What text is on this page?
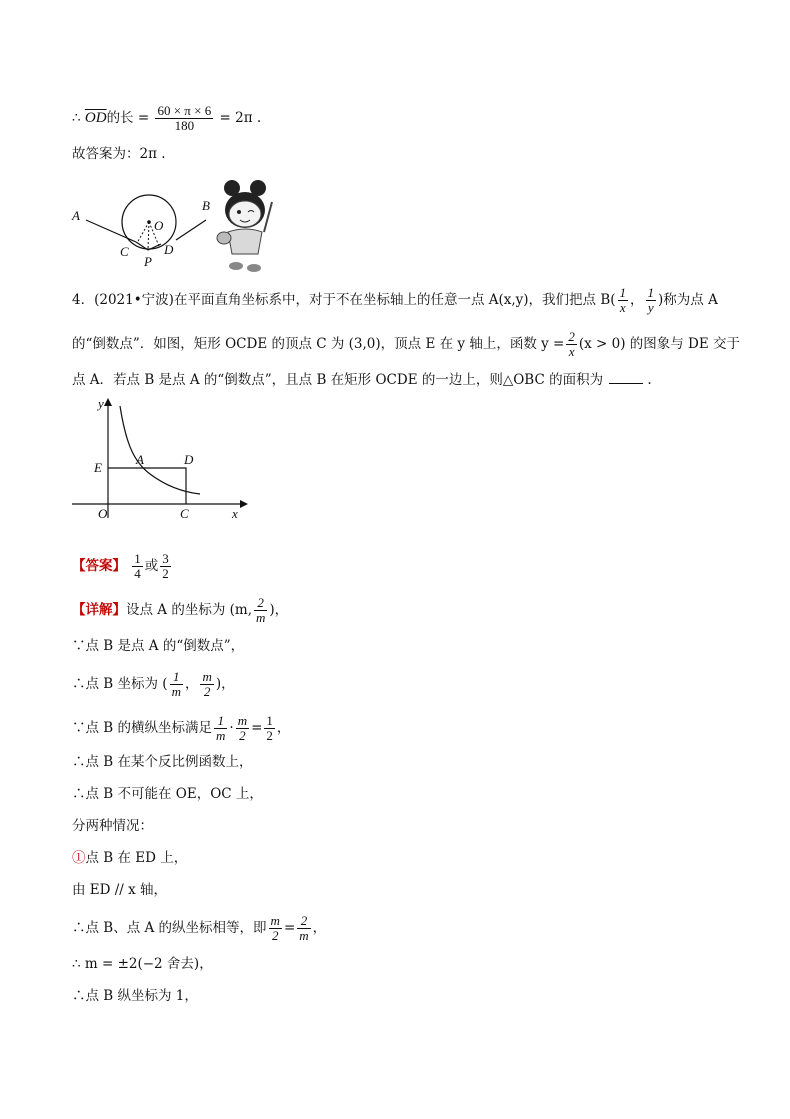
∴ $\overline{OD}$的长 = $\frac{60 \times \pi \times 6}{180} = 2\pi$ .
故答案为：2π .
A
B
O
C	D
P
4．(2021•宁波)在平面直角坐标系中，对于不在坐标轴上的任意一点 A(x,y)，我们把点 $B( \frac{1}{x}$ ， $\frac{1}{y}$ )称为点 A
的“倒数点”．如图，矩形 OCDE 的顶点 C 为 (3,0)，顶点 E 在 y 轴上，函数 $y = \frac{2}{x} (x > 0)$ 的图象与 DE 交于
点 A．若点 B 是点 A 的“倒数点”，且点 B 在矩形 OCDE 的一边上，则△OBC 的面积为	.
y
x
E
A	D
O	C
【答案】 $\frac{1}{4}$ 或 $\frac{3}{2}$
【详解】设点 A 的坐标为 (m, $\frac{2}{m}$ )，
∵点 B 是点 A 的“倒数点”，
∴点 B 坐标为 ( $\frac{1}{m}$ ， $\frac{m}{2}$ )，
∵点 B 的横纵坐标满足 $\frac{1}{m} \cdot \frac{m}{2} = \frac{1}{2}$ ，
∴点 B 在某个反比例函数上，
∴点 B 不可能在 OE，OC 上，
分两种情况：
①点 B 在 ED 上，
由 ED // x 轴，
∴点 B、点 A 的纵坐标相等，即 $\frac{m}{2} = \frac{2}{m}$ ，
∴ m = ±2(−2 舍去)，
∴点 B 纵坐标为 1，
